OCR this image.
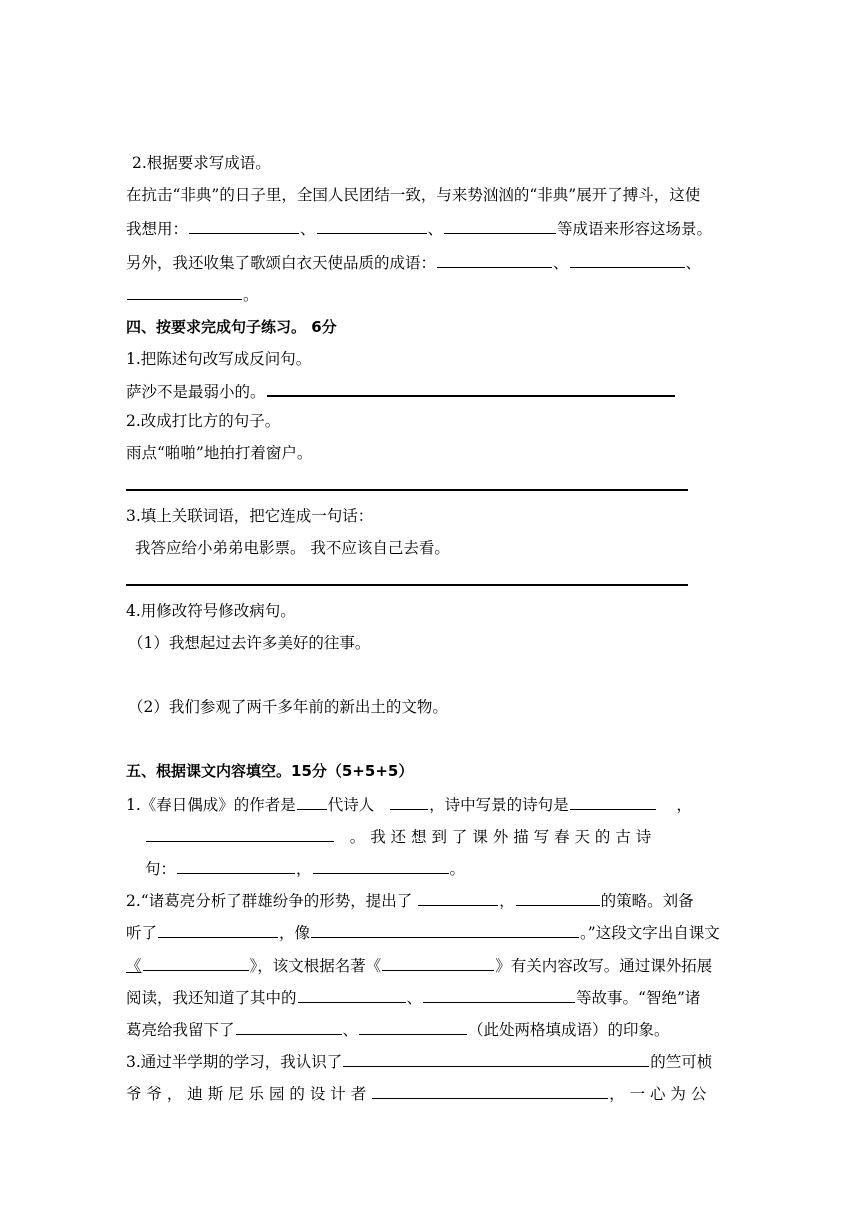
2.根据要求写成语。
在抗击“非典”的日子里，全国人民团结一致，与来势汹汹的“非典”展开了搏斗，这使
我想用：	、	、	等成语来形容这场景。
另外，我还收集了歌颂白衣天使品质的成语：	、	、
。
四、按要求完成句子练习。 6分
1.把陈述句改写成反问句。
萨沙不是最弱小的。
2.改成打比方的句子。
雨点“啪啪”地拍打着窗户。
3.填上关联词语，把它连成一句话：
我答应给小弟弟电影票。 我不应该自己去看。
4.用修改符号修改病句。
（1）我想起过去许多美好的往事。
（2）我们参观了两千多年前的新出土的文物。
五、根据课文内容填空。15分（5+5+5）
1.《春日偶成》的作者是 代诗人	，诗中写景的诗句是	，
。 我 还 想 到 了 课 外 描 写 春 天 的 古 诗
句：	，	。
2.“诸葛亮分析了群雄纷争的形势，提出了	，	的策略。刘备
听了	，像	。”这段文字出自课文
《	》，该文根据名著《	》有关内容改写。通过课外拓展
阅读，我还知道了其中的	、	等故事。“智绝”诸
葛亮给我留下了	、	（此处两格填成语）的印象。
3.通过半学期的学习，我认识了	的竺可桢
爷 爷 ， 迪 斯 尼 乐 园 的 设 计 者	， 一 心 为 公
